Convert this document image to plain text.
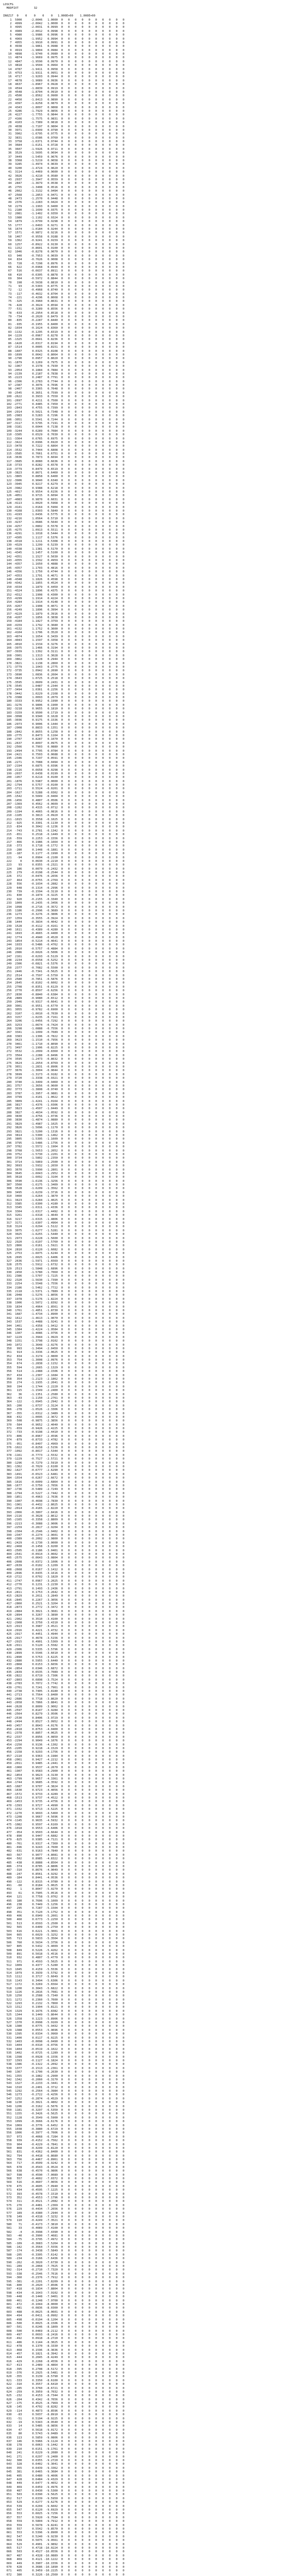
LOSCFG
MODFIXT         32
IN6Z17  0    0    0    0    0   1.000E+00    1.000E+00
1  5000     -2.0046   1.0000  0   0   0   0   0   0   0   0   0   0
2  4999     -2.0042   1.0000  0   0   0   0   0   0   0   0   0   0
3  4995     -2.0031   0.9999  0   0   0   0   0   0   0   0   0   0
4  4989     -2.0012   0.9998  0   0   0   0   0   0   0   0   0   0
5  4980     -1.9986   0.9996  0   0   0   0   0   0   0   0   0   0
6  4969     -1.9952   0.9994  0   0   0   0   0   0   0   0   0   0
7  4955     -1.9910   0.9991  0   0   0   0   0   0   0   0   0   0
8  4938     -1.9861   0.9988  0   0   0   0   0   0   0   0   0   0
9  4919     -1.9804   0.9984  0   0   0   0   0   0   0   0   0   0
10  4898     -1.9740   0.9980  0   0   0   0   0   0   0   0   0   0
11  4874     -1.9669   0.9975  0   0   0   0   0   0   0   0   0   0
12  4847     -1.9590   0.9970  0   0   0   0   0   0   0   0   0   0
13  4818     -1.9504   0.9964  0   0   0   0   0   0   0   0   0   0
14  4787     -1.9411   0.9958  0   0   0   0   0   0   0   0   0   0
15  4753     -1.9311   0.9951  0   0   0   0   0   0   0   0   0   0
16  4717     -1.9203   0.9944  0   0   0   0   0   0   0   0   0   0
17  4678     -1.9089   0.9936  0   0   0   0   0   0   0   0   0   0
18  4637     -1.8967   0.9928  0   0   0   0   0   0   0   0   0   0
19  4594     -1.8839   0.9919  0   0   0   0   0   0   0   0   0   0
20  4548     -1.8704   0.9910  0   0   0   0   0   0   0   0   0   0
21  4500     -1.8562   0.9900  0   0   0   0   0   0   0   0   0   0
22  4450     -1.8413   0.9890  0   0   0   0   0   0   0   0   0   0
23  4397     -1.8258   0.9879  0   0   0   0   0   0   0   0   0   0
24  4343     -1.8097   0.9868  0   0   0   0   0   0   0   0   0   0
25  4286     -1.7929   0.9856  0   0   0   0   0   0   0   0   0   0
26  4227     -1.7755   0.9844  0   0   0   0   0   0   0   0   0   0
27  4166     -1.7575   0.9831  0   0   0   0   0   0   0   0   0   0
28  4103     -1.7389   0.9818  0   0   0   0   0   0   0   0   0   0
29  4038     -1.7197   0.9804  0   0   0   0   0   0   0   0   0   0
30  3971     -1.6999   0.9790  0   0   0   0   0   0   0   0   0   0
31  3902     -1.6795   0.9775  0   0   0   0   0   0   0   0   0   0
32  3831     -1.6586   0.9760  0   0   0   0   0   0   0   0   0   0
33  3758     -1.6371   0.9744  0   0   0   0   0   0   0   0   0   0
34  3684     -1.6151   0.9728  0   0   0   0   0   0   0   0   0   0
35  3607     -1.5926   0.9711  0   0   0   0   0   0   0   0   0   0
36  3529     -1.5695   0.9694  0   0   0   0   0   0   0   0   0   0
37  3449     -1.5459   0.9676  0   0   0   0   0   0   0   0   0   0
38  3368     -1.5219   0.9658  0   0   0   0   0   0   0   0   0   0
39  3285     -1.4974   0.9639  0   0   0   0   0   0   0   0   0   0
40  3200     -1.4724   0.9620  0   0   0   0   0   0   0   0   0   0
41  3114     -1.4469   0.9600  0   0   0   0   0   0   0   0   0   0
42  3026     -1.4210   0.9580  0   0   0   0   0   0   0   0   0   0
43  2937     -1.3947   0.9559  0   0   0   0   0   0   0   0   0   0
44  2847     -1.3679   0.9538  0   0   0   0   0   0   0   0   0   0
45  2755     -1.3408   0.9516  0   0   0   0   0   0   0   0   0   0
46  2662     -1.3132   0.9494  0   0   0   0   0   0   0   0   0   0
47  2568     -1.2853   0.9471  0   0   0   0   0   0   0   0   0   0
48  2473     -1.2570   0.9448  0   0   0   0   0   0   0   0   0   0
49  2376     -1.2283   0.9424  0   0   0   0   0   0   0   0   0   0
50  2279     -1.1993   0.9400  0   0   0   0   0   0   0   0   0   0
51  2180     -1.1699   0.9375  0   0   0   0   0   0   0   0   0   0
52  2081     -1.1402   0.9350  0   0   0   0   0   0   0   0   0   0
53  1980     -1.1102   0.9324  0   0   0   0   0   0   0   0   0   0
54  1879     -1.0799   0.9298  0   0   0   0   0   0   0   0   0   0
55  1777     -1.0493   0.9271  0   0   0   0   0   0   0   0   0   0
56  1674     -1.0184   0.9244  0   0   0   0   0   0   0   0   0   0
57  1571     -0.9872   0.9216  0   0   0   0   0   0   0   0   0   0
58  1467     -0.9558   0.9188  0   0   0   0   0   0   0   0   0   0
59  1362     -0.9241   0.9159  0   0   0   0   0   0   0   0   0   0
60  1257     -0.8922   0.9130  0   0   0   0   0   0   0   0   0   0
61  1152     -0.8601   0.9100  0   0   0   0   0   0   0   0   0   0
62  1046     -0.8278   0.9070  0   0   0   0   0   0   0   0   0   0
63   940     -0.7953   0.9039  0   0   0   0   0   0   0   0   0   0
64   834     -0.7626   0.9008  0   0   0   0   0   0   0   0   0   0
65   728     -0.7298   0.8976  0   0   0   0   0   0   0   0   0   0
66   622     -0.6968   0.8944  0   0   0   0   0   0   0   0   0   0
67   516     -0.6637   0.8911  0   0   0   0   0   0   0   0   0   0
68   410     -0.6305   0.8878  0   0   0   0   0   0   0   0   0   0
69   304     -0.5972   0.8844  0   0   0   0   0   0   0   0   0   0
70   198     -0.5638   0.8810  0   0   0   0   0   0   0   0   0   0
71    93     -0.5303   0.8775  0   0   0   0   0   0   0   0   0   0
72   -12     -0.4968   0.8740  0   0   0   0   0   0   0   0   0   0
73  -117     -0.4632   0.8704  0   0   0   0   0   0   0   0   0   0
74  -221     -0.4296   0.8668  0   0   0   0   0   0   0   0   0   0
75  -325     -0.3960   0.8631  0   0   0   0   0   0   0   0   0   0
76  -428     -0.3624   0.8594  0   0   0   0   0   0   0   0   0   0
77  -531     -0.3289   0.8556  0   0   0   0   0   0   0   0   0   0
78  -633     -0.2954   0.8518  0   0   0   0   0   0   0   0   0   0
79  -734     -0.2620   0.8479  0   0   0   0   0   0   0   0   0   0
80  -835     -0.2287   0.8440  0   0   0   0   0   0   0   0   0   0
81  -935     -0.1955   0.8400  0   0   0   0   0   0   0   0   0   0
82 -1034     -0.1624   0.8360  0   0   0   0   0   0   0   0   0   0
83 -1132     -0.1295   0.8319  0   0   0   0   0   0   0   0   0   0
84 -1229     -0.0967   0.8278  0   0   0   0   0   0   0   0   0   0
85 -1325     -0.0641   0.8236  0   0   0   0   0   0   0   0   0   0
86 -1420     -0.0317   0.8194  0   0   0   0   0   0   0   0   0   0
87 -1514      0.0005   0.8151  0   0   0   0   0   0   0   0   0   0
88 -1607      0.0325   0.8108  0   0   0   0   0   0   0   0   0   0
89 -1699      0.0642   0.8064  0   0   0   0   0   0   0   0   0   0
90 -1790      0.0957   0.8020  0   0   0   0   0   0   0   0   0   0
91 -1879      0.1269   0.7975  0   0   0   0   0   0   0   0   0   0
92 -1967      0.1578   0.7930  0   0   0   0   0   0   0   0   0   0
93 -2054      0.1884   0.7884  0   0   0   0   0   0   0   0   0   0
94 -2139      0.2187   0.7838  0   0   0   0   0   0   0   0   0   0
95 -2223      0.2487   0.7791  0   0   0   0   0   0   0   0   0   0
96 -2306      0.2783   0.7744  0   0   0   0   0   0   0   0   0   0
97 -2387      0.3076   0.7696  0   0   0   0   0   0   0   0   0   0
98 -2467      0.3365   0.7648  0   0   0   0   0   0   0   0   0   0
99 -2545      0.3651   0.7599  0   0   0   0   0   0   0   0   0   0
100 -2622      0.3933   0.7550  0   0   0   0   0   0   0   0   0   0
101 -2697      0.4211   0.7500  0   0   0   0   0   0   0   0   0   0
102 -2771      0.4485   0.7450  0   0   0   0   0   0   0   0   0   0
103 -2843      0.4755   0.7399  0   0   0   0   0   0   0   0   0   0
104 -2914      0.5021   0.7348  0   0   0   0   0   0   0   0   0   0
105 -2983      0.5283   0.7296  0   0   0   0   0   0   0   0   0   0
106 -3051      0.5541   0.7244  0   0   0   0   0   0   0   0   0   0
107 -3117      0.5795   0.7191  0   0   0   0   0   0   0   0   0   0
108 -3181      0.6044   0.7138  0   0   0   0   0   0   0   0   0   0
109 -3244      0.6289   0.7084  0   0   0   0   0   0   0   0   0   0
110 -3305      0.6529   0.7030  0   0   0   0   0   0   0   0   0   0
111 -3364      0.6765   0.6975  0   0   0   0   0   0   0   0   0   0
112 -3422      0.6996   0.6920  0   0   0   0   0   0   0   0   0   0
113 -3478      0.7222   0.6864  0   0   0   0   0   0   0   0   0   0
114 -3532      0.7444   0.6808  0   0   0   0   0   0   0   0   0   0
115 -3585      0.7661   0.6751  0   0   0   0   0   0   0   0   0   0
116 -3636      0.7873   0.6694  0   0   0   0   0   0   0   0   0   0
117 -3685      0.8080   0.6636  0   0   0   0   0   0   0   0   0   0
118 -3733      0.8282   0.6578  0   0   0   0   0   0   0   0   0   0
119 -3779      0.8479   0.6519  0   0   0   0   0   0   0   0   0   0
120 -3823      0.8671   0.6460  0   0   0   0   0   0   0   0   0   0
121 -3865      0.8858   0.6400  0   0   0   0   0   0   0   0   0   0
122 -3906      0.9040   0.6340  0   0   0   0   0   0   0   0   0   0
123 -3945      0.9217   0.6279  0   0   0   0   0   0   0   0   0   0
124 -3982      0.9388   0.6218  0   0   0   0   0   0   0   0   0   0
125 -4017      0.9554   0.6156  0   0   0   0   0   0   0   0   0   0
126 -4051      0.9715   0.6094  0   0   0   0   0   0   0   0   0   0
127 -4083      0.9870   0.6031  0   0   0   0   0   0   0   0   0   0
128 -4113      1.0020   0.5968  0   0   0   0   0   0   0   0   0   0
129 -4141      1.0164   0.5904  0   0   0   0   0   0   0   0   0   0
130 -4168      1.0303   0.5840  0   0   0   0   0   0   0   0   0   0
131 -4193      1.0436   0.5775  0   0   0   0   0   0   0   0   0   0
132 -4216      1.0564   0.5710  0   0   0   0   0   0   0   0   0   0
133 -4237      1.0686   0.5644  0   0   0   0   0   0   0   0   0   0
134 -4257      1.0802   0.5578  0   0   0   0   0   0   0   0   0   0
135 -4275      1.0913   0.5511  0   0   0   0   0   0   0   0   0   0
136 -4291      1.1018   0.5444  0   0   0   0   0   0   0   0   0   0
137 -4305      1.1117   0.5376  0   0   0   0   0   0   0   0   0   0
138 -4318      1.1211   0.5308  0   0   0   0   0   0   0   0   0   0
139 -4329      1.1299   0.5239  0   0   0   0   0   0   0   0   0   0
140 -4338      1.1381   0.5170  0   0   0   0   0   0   0   0   0   0
141 -4345      1.1457   0.5100  0   0   0   0   0   0   0   0   0   0
142 -4351      1.1527   0.5030  0   0   0   0   0   0   0   0   0   0
143 -4355      1.1592   0.4959  0   0   0   0   0   0   0   0   0   0
144 -4357      1.1650   0.4888  0   0   0   0   0   0   0   0   0   0
145 -4357      1.1703   0.4816  0   0   0   0   0   0   0   0   0   0
146 -4356      1.1750   0.4744  0   0   0   0   0   0   0   0   0   0
147 -4353      1.1791   0.4671  0   0   0   0   0   0   0   0   0   0
148 -4348      1.1826   0.4598  0   0   0   0   0   0   0   0   0   0
149 -4342      1.1855   0.4524  0   0   0   0   0   0   0   0   0   0
150 -4334      1.1879   0.4450  0   0   0   0   0   0   0   0   0   0
151 -4324      1.1896   0.4375  0   0   0   0   0   0   0   0   0   0
152 -4312      1.1908   0.4300  0   0   0   0   0   0   0   0   0   0
153 -4299      1.1914   0.4224  0   0   0   0   0   0   0   0   0   0
154 -4284      1.1914   0.4148  0   0   0   0   0   0   0   0   0   0
155 -4267      1.1908   0.4071  0   0   0   0   0   0   0   0   0   0
156 -4249      1.1896   0.3994  0   0   0   0   0   0   0   0   0   0
157 -4229      1.1879   0.3916  0   0   0   0   0   0   0   0   0   0
158 -4207      1.1856   0.3838  0   0   0   0   0   0   0   0   0   0
159 -4184      1.1827   0.3759  0   0   0   0   0   0   0   0   0   0
160 -4159      1.1792   0.3680  0   0   0   0   0   0   0   0   0   0
161 -4132      1.1752   0.3600  0   0   0   0   0   0   0   0   0   0
162 -4104      1.1706   0.3520  0   0   0   0   0   0   0   0   0   0
163 -4074      1.1654   0.3439  0   0   0   0   0   0   0   0   0   0
164 -4043      1.1597   0.3358  0   0   0   0   0   0   0   0   0   0
165 -4010      1.1534   0.3276  0   0   0   0   0   0   0   0   0   0
166 -3975      1.1466   0.3194  0   0   0   0   0   0   0   0   0   0
167 -3939      1.1392   0.3111  0   0   0   0   0   0   0   0   0   0
168 -3901      1.1313   0.3028  0   0   0   0   0   0   0   0   0   0
169 -3862      1.1228   0.2944  0   0   0   0   0   0   0   0   0   0
170 -3821      1.1138   0.2860  0   0   0   0   0   0   0   0   0   0
171 -3779      1.1043   0.2775  0   0   0   0   0   0   0   0   0   0
172 -3735      1.0942   0.2690  0   0   0   0   0   0   0   0   0   0
173 -3690      1.0836   0.2604  0   0   0   0   0   0   0   0   0   0
174 -3643      1.0725   0.2518  0   0   0   0   0   0   0   0   0   0
175 -3595      1.0609   0.2431  0   0   0   0   0   0   0   0   0   0
176 -3545      1.0487   0.2344  0   0   0   0   0   0   0   0   0   0
177 -3494      1.0361   0.2256  0   0   0   0   0   0   0   0   0   0
178 -3442      1.0229   0.2168  0   0   0   0   0   0   0   0   0   0
179 -3388      1.0093   0.2079  0   0   0   0   0   0   0   0   0   0
180 -3333      0.9952   0.1990  0   0   0   0   0   0   0   0   0   0
181 -3276      0.9806   0.1900  0   0   0   0   0   0   0   0   0   0
182 -3218      0.9655   0.1810  0   0   0   0   0   0   0   0   0   0
183 -3159      0.9500   0.1719  0   0   0   0   0   0   0   0   0   0
184 -3098      0.9340   0.1628  0   0   0   0   0   0   0   0   0   0
185 -3036      0.9175   0.1536  0   0   0   0   0   0   0   0   0   0
186 -2973      0.9006   0.1444  0   0   0   0   0   0   0   0   0   0
187 -2908      0.8833   0.1351  0   0   0   0   0   0   0   0   0   0
188 -2842      0.8655   0.1258  0   0   0   0   0   0   0   0   0   0
189 -2775      0.8473   0.1164  0   0   0   0   0   0   0   0   0   0
190 -2707      0.8287   0.1070  0   0   0   0   0   0   0   0   0   0
191 -2637      0.8097   0.0975  0   0   0   0   0   0   0   0   0   0
192 -2566      0.7903   0.0880  0   0   0   0   0   0   0   0   0   0
193 -2494      0.7705   0.0784  0   0   0   0   0   0   0   0   0   0
194 -2421      0.7503   0.0688  0   0   0   0   0   0   0   0   0   0
195 -2346      0.7297   0.0591  0   0   0   0   0   0   0   0   0   0
196 -2271      0.7088   0.0494  0   0   0   0   0   0   0   0   0   0
197 -2194      0.6875   0.0396  0   0   0   0   0   0   0   0   0   0
198 -2116      0.6658   0.0298  0   0   0   0   0   0   0   0   0   0
199 -2037      0.6438   0.0199  0   0   0   0   0   0   0   0   0   0
200 -1957      0.6214   0.0100  0   0   0   0   0   0   0   0   0   0
201 -1876      0.5987   0.0000  0   0   0   0   0   0   0   0   0   0
202 -1794      0.5757  -0.0100  0   0   0   0   0   0   0   0   0   0
203 -1711      0.5524  -0.0201  0   0   0   0   0   0   0   0   0   0
204 -1627      0.5288  -0.0302  0   0   0   0   0   0   0   0   0   0
205 -1542      0.5049  -0.0404  0   0   0   0   0   0   0   0   0   0
206 -1456      0.4807  -0.0506  0   0   0   0   0   0   0   0   0   0
207 -1369      0.4562  -0.0609  0   0   0   0   0   0   0   0   0   0
208 -1282      0.4315  -0.0712  0   0   0   0   0   0   0   0   0   0
209 -1194      0.4065  -0.0816  0   0   0   0   0   0   0   0   0   0
210 -1105      0.3813  -0.0920  0   0   0   0   0   0   0   0   0   0
211 -1015      0.3558  -0.1025  0   0   0   0   0   0   0   0   0   0
212  -925      0.3301  -0.1130  0   0   0   0   0   0   0   0   0   0
213  -834      0.3042  -0.1236  0   0   0   0   0   0   0   0   0   0
214  -743      0.2781  -0.1342  0   0   0   0   0   0   0   0   0   0
215  -651      0.2518  -0.1449  0   0   0   0   0   0   0   0   0   0
216  -559      0.2253  -0.1556  0   0   0   0   0   0   0   0   0   0
217  -466      0.1986  -0.1664  0   0   0   0   0   0   0   0   0   0
218  -373      0.1718  -0.1772  0   0   0   0   0   0   0   0   0   0
219  -280      0.1448  -0.1881  0   0   0   0   0   0   0   0   0   0
220  -187      0.1177  -0.1990  0   0   0   0   0   0   0   0   0   0
221   -94      0.0904  -0.2100  0   0   0   0   0   0   0   0   0   0
222     0      0.0630  -0.2210  0   0   0   0   0   0   0   0   0   0
223    93      0.0355  -0.2321  0   0   0   0   0   0   0   0   0   0
224   186      0.0079  -0.2432  0   0   0   0   0   0   0   0   0   0
225   279     -0.0198  -0.2544  0   0   0   0   0   0   0   0   0   0
226   372     -0.0476  -0.2656  0   0   0   0   0   0   0   0   0   0
227   464     -0.0755  -0.2769  0   0   0   0   0   0   0   0   0   0
228   556     -0.1034  -0.2882  0   0   0   0   0   0   0   0   0   0
229   648     -0.1314  -0.2996  0   0   0   0   0   0   0   0   0   0
230   739     -0.1594  -0.3110  0   0   0   0   0   0   0   0   0   0
231   830     -0.1874  -0.3225  0   0   0   0   0   0   0   0   0   0
232   920     -0.2155  -0.3340  0   0   0   0   0   0   0   0   0   0
233  1009     -0.2435  -0.3456  0   0   0   0   0   0   0   0   0   0
234  1098     -0.2716  -0.3572  0   0   0   0   0   0   0   0   0   0
235  1186     -0.2996  -0.3689  0   0   0   0   0   0   0   0   0   0
236  1273     -0.3276  -0.3806  0   0   0   0   0   0   0   0   0   0
237  1359     -0.3555  -0.3924  0   0   0   0   0   0   0   0   0   0
238  1444     -0.3834  -0.4042  0   0   0   0   0   0   0   0   0   0
239  1528     -0.4112  -0.4161  0   0   0   0   0   0   0   0   0   0
240  1611     -0.4389  -0.4280  0   0   0   0   0   0   0   0   0   0
241  1693     -0.4665  -0.4400  0   0   0   0   0   0   0   0   0   0
242  1774     -0.4940  -0.4520  0   0   0   0   0   0   0   0   0   0
243  1854     -0.5214  -0.4641  0   0   0   0   0   0   0   0   0   0
244  1933     -0.5486  -0.4762  0   0   0   0   0   0   0   0   0   0
245  2010     -0.5757  -0.4884  0   0   0   0   0   0   0   0   0   0
246  2086     -0.6026  -0.5006  0   0   0   0   0   0   0   0   0   0
247  2161     -0.6293  -0.5129  0   0   0   0   0   0   0   0   0   0
248  2234     -0.6558  -0.5252  0   0   0   0   0   0   0   0   0   0
249  2306     -0.6821  -0.5376  0   0   0   0   0   0   0   0   0   0
250  2377     -0.7082  -0.5500  0   0   0   0   0   0   0   0   0   0
251  2446     -0.7341  -0.5625  0   0   0   0   0   0   0   0   0   0
252  2514     -0.7597  -0.5750  0   0   0   0   0   0   0   0   0   0
253  2580     -0.7851  -0.5876  0   0   0   0   0   0   0   0   0   0
254  2645     -0.8102  -0.6002  0   0   0   0   0   0   0   0   0   0
255  2708     -0.8351  -0.6129  0   0   0   0   0   0   0   0   0   0
256  2770     -0.8597  -0.6256  0   0   0   0   0   0   0   0   0   0
257  2830     -0.8840  -0.6384  0   0   0   0   0   0   0   0   0   0
258  2889     -0.9080  -0.6512  0   0   0   0   0   0   0   0   0   0
259  2946     -0.9317  -0.6641  0   0   0   0   0   0   0   0   0   0
260  3001     -0.9551  -0.6770  0   0   0   0   0   0   0   0   0   0
261  3055     -0.9782  -0.6900  0   0   0   0   0   0   0   0   0   0
262  3107     -1.0010  -0.7030  0   0   0   0   0   0   0   0   0   0
263  3157     -1.0235  -0.7161  0   0   0   0   0   0   0   0   0   0
264  3206     -1.0456  -0.7292  0   0   0   0   0   0   0   0   0   0
265  3253     -1.0674  -0.7424  0   0   0   0   0   0   0   0   0   0
266  3298     -1.0888  -0.7556  0   0   0   0   0   0   0   0   0   0
267  3341     -1.1099  -0.7689  0   0   0   0   0   0   0   0   0   0
268  3383     -1.1306  -0.7822  0   0   0   0   0   0   0   0   0   0
269  3423     -1.1510  -0.7956  0   0   0   0   0   0   0   0   0   0
270  3461     -1.1710  -0.8090  0   0   0   0   0   0   0   0   0   0
271  3497     -1.1906  -0.8225  0   0   0   0   0   0   0   0   0   0
272  3532     -1.2099  -0.8360  0   0   0   0   0   0   0   0   0   0
273  3564     -1.2288  -0.8496  0   0   0   0   0   0   0   0   0   0
274  3595     -1.2473  -0.8632  0   0   0   0   0   0   0   0   0   0
275  3624     -1.2654  -0.8769  0   0   0   0   0   0   0   0   0   0
276  3651     -1.2831  -0.8906  0   0   0   0   0   0   0   0   0   0
277  3676     -1.3004  -0.9044  0   0   0   0   0   0   0   0   0   0
278  3699     -1.3173  -0.9182  0   0   0   0   0   0   0   0   0   0
279  3720     -1.3338  -0.9321  0   0   0   0   0   0   0   0   0   0
280  3740     -1.3499  -0.9460  0   0   0   0   0   0   0   0   0   0
281  3757     -1.3656  -0.9600  0   0   0   0   0   0   0   0   0   0
282  3773     -1.3808  -0.9740  0   0   0   0   0   0   0   0   0   0
283  3787     -1.3957  -0.9881  0   0   0   0   0   0   0   0   0   0
284  3799     -1.4101  -1.0022  0   0   0   0   0   0   0   0   0   0
285  3809     -1.4241  -1.0164  0   0   0   0   0   0   0   0   0   0
286  3817     -1.4376  -1.0306  0   0   0   0   0   0   0   0   0   0
287  3823     -1.4507  -1.0449  0   0   0   0   0   0   0   0   0   0
288  3827     -1.4634  -1.0592  0   0   0   0   0   0   0   0   0   0
289  3830     -1.4756  -1.0736  0   0   0   0   0   0   0   0   0   0
290  3830     -1.4874  -1.0880  0   0   0   0   0   0   0   0   0   0
291  3829     -1.4987  -1.1025  0   0   0   0   0   0   0   0   0   0
292  3826     -1.5096  -1.1170  0   0   0   0   0   0   0   0   0   0
293  3821     -1.5200  -1.1316  0   0   0   0   0   0   0   0   0   0
294  3814     -1.5300  -1.1462  0   0   0   0   0   0   0   0   0   0
295  3805     -1.5395  -1.1609  0   0   0   0   0   0   0   0   0   0
296  3795     -1.5486  -1.1756  0   0   0   0   0   0   0   0   0   0
297  3782     -1.5572  -1.1904  0   0   0   0   0   0   0   0   0   0
298  3768     -1.5653  -1.2052  0   0   0   0   0   0   0   0   0   0
299  3752     -1.5730  -1.2201  0   0   0   0   0   0   0   0   0   0
300  3734     -1.5802  -1.2350  0   0   0   0   0   0   0   0   0   0
301  3714     -1.5869  -1.2500  0   0   0   0   0   0   0   0   0   0
302  3693     -1.5932  -1.2650  0   0   0   0   0   0   0   0   0   0
303  3670     -1.5990  -1.2801  0   0   0   0   0   0   0   0   0   0
304  3645     -1.6043  -1.2952  0   0   0   0   0   0   0   0   0   0
305  3618     -1.6092  -1.3104  0   0   0   0   0   0   0   0   0   0
306  3590     -1.6136  -1.3256  0   0   0   0   0   0   0   0   0   0
307  3560     -1.6175  -1.3409  0   0   0   0   0   0   0   0   0   0
308  3528     -1.6209  -1.3562  0   0   0   0   0   0   0   0   0   0
309  3495     -1.6239  -1.3716  0   0   0   0   0   0   0   0   0   0
310  3460     -1.6264  -1.3870  0   0   0   0   0   0   0   0   0   0
311  3423     -1.6284  -1.4025  0   0   0   0   0   0   0   0   0   0
312  3385     -1.6300  -1.4180  0   0   0   0   0   0   0   0   0   0
313  3345     -1.6311  -1.4336  0   0   0   0   0   0   0   0   0   0
314  3304     -1.6317  -1.4492  0   0   0   0   0   0   0   0   0   0
315  3261     -1.6318  -1.4649  0   0   0   0   0   0   0   0   0   0
316  3217     -1.6315  -1.4806  0   0   0   0   0   0   0   0   0   0
317  3171     -1.6307  -1.4964  0   0   0   0   0   0   0   0   0   0
318  3124     -1.6294  -1.5122  0   0   0   0   0   0   0   0   0   0
319  3075     -1.6277  -1.5281  0   0   0   0   0   0   0   0   0   0
320  3025     -1.6255  -1.5440  0   0   0   0   0   0   0   0   0   0
321  2973     -1.6228  -1.5600  0   0   0   0   0   0   0   0   0   0
322  2920     -1.6197  -1.5760  0   0   0   0   0   0   0   0   0   0
323  2866     -1.6161  -1.5921  0   0   0   0   0   0   0   0   0   0
324  2810     -1.6120  -1.6082  0   0   0   0   0   0   0   0   0   0
325  2753     -1.6075  -1.6244  0   0   0   0   0   0   0   0   0   0
326  2695     -1.6025  -1.6406  0   0   0   0   0   0   0   0   0   0
327  2636     -1.5971  -1.6569  0   0   0   0   0   0   0   0   0   0
328  2575     -1.5912  -1.6732  0   0   0   0   0   0   0   0   0   0
329  2513     -1.5848  -1.6896  0   0   0   0   0   0   0   0   0   0
330  2450     -1.5780  -1.7060  0   0   0   0   0   0   0   0   0   0
331  2386     -1.5707  -1.7225  0   0   0   0   0   0   0   0   0   0
332  2320     -1.5630  -1.7390  0   0   0   0   0   0   0   0   0   0
333  2254     -1.5548  -1.7556  0   0   0   0   0   0   0   0   0   0
334  2186     -1.5462  -1.7722  0   0   0   0   0   0   0   0   0   0
335  2118     -1.5371  -1.7889  0   0   0   0   0   0   0   0   0   0
336  2048     -1.5276  -1.8056  0   0   0   0   0   0   0   0   0   0
337  1978     -1.5176  -1.8224  0   0   0   0   0   0   0   0   0   0
338  1906     -1.5072  -1.8392  0   0   0   0   0   0   0   0   0   0
339  1834     -1.4964  -1.8561  0   0   0   0   0   0   0   0   0   0
340  1761     -1.4851  -1.8730  0   0   0   0   0   0   0   0   0   0
341  1687     -1.4734  -1.8900  0   0   0   0   0   0   0   0   0   0
342  1612     -1.4613  -1.9070  0   0   0   0   0   0   0   0   0   0
343  1537     -1.4488  -1.9241  0   0   0   0   0   0   0   0   0   0
344  1461     -1.4358  -1.9412  0   0   0   0   0   0   0   0   0   0
345  1384     -1.4224  -1.9584  0   0   0   0   0   0   0   0   0   0
346  1307     -1.4086  -1.9756  0   0   0   0   0   0   0   0   0   0
347  1229     -1.3944  -1.9929  0   0   0   0   0   0   0   0   0   0
348  1151     -1.3798  -2.0102  0   0   0   0   0   0   0   0   0   0
349  1072     -1.3648  -2.0276  0   0   0   0   0   0   0   0   0   0
350   993     -1.3494  -2.0450  0   0   0   0   0   0   0   0   0   0
351   914     -1.3336  -2.0625  0   0   0   0   0   0   0   0   0   0
352   834     -1.3174  -2.0800  0   0   0   0   0   0   0   0   0   0
353   754     -1.3008  -2.0976  0   0   0   0   0   0   0   0   0   0
354   674     -1.2838  -2.1152  0   0   0   0   0   0   0   0   0   0
355   594     -1.2665  -2.1329  0   0   0   0   0   0   0   0   0   0
356   514     -1.2488  -2.1506  0   0   0   0   0   0   0   0   0   0
357   434     -1.2307  -2.1684  0   0   0   0   0   0   0   0   0   0
358   354     -1.2123  -2.1862  0   0   0   0   0   0   0   0   0   0
359   274     -1.1935  -2.2041  0   0   0   0   0   0   0   0   0   0
360   194     -1.1744  -2.2220  0   0   0   0   0   0   0   0   0   0
361   115     -1.1549  -2.2400  0   0   0   0   0   0   0   0   0   0
362    36     -1.1351  -2.2580  0   0   0   0   0   0   0   0   0   0
363   -43     -1.1150  -2.2761  0   0   0   0   0   0   0   0   0   0
364  -122     -1.0945  -2.2942  0   0   0   0   0   0   0   0   0   0
365  -200     -1.0737  -2.3124  0   0   0   0   0   0   0   0   0   0
366  -278     -1.0526  -2.3306  0   0   0   0   0   0   0   0   0   0
367  -355     -1.0312  -2.3489  0   0   0   0   0   0   0   0   0   0
368  -432     -1.0095  -2.3672  0   0   0   0   0   0   0   0   0   0
369  -508     -0.9875  -2.3856  0   0   0   0   0   0   0   0   0   0
370  -584     -0.9652  -2.4040  0   0   0   0   0   0   0   0   0   0
371  -659     -0.9426  -2.4225  0   0   0   0   0   0   0   0   0   0
372  -733     -0.9198  -2.4410  0   0   0   0   0   0   0   0   0   0
373  -806     -0.8967  -2.4596  0   0   0   0   0   0   0   0   0   0
374  -879     -0.8733  -2.4782  0   0   0   0   0   0   0   0   0   0
375  -951     -0.8497  -2.4969  0   0   0   0   0   0   0   0   0   0
376 -1022     -0.8258  -2.5156  0   0   0   0   0   0   0   0   0   0
377 -1092     -0.8017  -2.5344  0   0   0   0   0   0   0   0   0   0
378 -1161     -0.7773  -2.5532  0   0   0   0   0   0   0   0   0   0
379 -1229     -0.7527  -2.5721  0   0   0   0   0   0   0   0   0   0
380 -1296     -0.7279  -2.5910  0   0   0   0   0   0   0   0   0   0
381 -1362     -0.7029  -2.6100  0   0   0   0   0   0   0   0   0   0
382 -1427     -0.6777  -2.6290  0   0   0   0   0   0   0   0   0   0
383 -1491     -0.6523  -2.6481  0   0   0   0   0   0   0   0   0   0
384 -1554     -0.6267  -2.6672  0   0   0   0   0   0   0   0   0   0
385 -1616     -0.6009  -2.6864  0   0   0   0   0   0   0   0   0   0
386 -1677     -0.5750  -2.7056  0   0   0   0   0   0   0   0   0   0
387 -1736     -0.5489  -2.7249  0   0   0   0   0   0   0   0   0   0
388 -1794     -0.5227  -2.7442  0   0   0   0   0   0   0   0   0   0
389 -1851     -0.4963  -2.7636  0   0   0   0   0   0   0   0   0   0
390 -1907     -0.4698  -2.7830  0   0   0   0   0   0   0   0   0   0
391 -1961     -0.4432  -2.8025  0   0   0   0   0   0   0   0   0   0
392 -2014     -0.4165  -2.8220  0   0   0   0   0   0   0   0   0   0
393 -2066     -0.3897  -2.8416  0   0   0   0   0   0   0   0   0   0
394 -2116     -0.3628  -2.8612  0   0   0   0   0   0   0   0   0   0
395 -2165     -0.3358  -2.8809  0   0   0   0   0   0   0   0   0   0
396 -2213     -0.3088  -2.9006  0   0   0   0   0   0   0   0   0   0
397 -2259     -0.2817  -2.9204  0   0   0   0   0   0   0   0   0   0
398 -2304     -0.2546  -2.9402  0   0   0   0   0   0   0   0   0   0
399 -2347     -0.2274  -2.9601  0   0   0   0   0   0   0   0   0   0
400 -2389     -0.2002  -2.9800  0   0   0   0   0   0   0   0   0   0
401 -2429     -0.1730  -3.0000  0   0   0   0   0   0   0   0   0   0
402 -2468     -0.1458  -3.0200  0   0   0   0   0   0   0   0   0   0
403 -2505     -0.1186  -3.0401  0   0   0   0   0   0   0   0   0   0
404 -2541     -0.0914  -3.0602  0   0   0   0   0   0   0   0   0   0
405 -2575     -0.0643  -3.0804  0   0   0   0   0   0   0   0   0   0
406 -2608     -0.0372  -3.1006  0   0   0   0   0   0   0   0   0   0
407 -2639     -0.0102  -3.1209  0   0   0   0   0   0   0   0   0   0
408 -2668      0.0167  -3.1412  0   0   0   0   0   0   0   0   0   0
409 -2696      0.0435  -3.1616  0   0   0   0   0   0   0   0   0   0
410 -2722      0.0702  -3.1820  0   0   0   0   0   0   0   0   0   0
411 -2747      0.0967  -3.2025  0   0   0   0   0   0   0   0   0   0
412 -2770      0.1231  -3.2230  0   0   0   0   0   0   0   0   0   0
413 -2791      0.1493  -3.2436  0   0   0   0   0   0   0   0   0   0
414 -2811      0.1753  -3.2642  0   0   0   0   0   0   0   0   0   0
415 -2829      0.2011  -3.2849  0   0   0   0   0   0   0   0   0   0
416 -2845      0.2267  -3.3056  0   0   0   0   0   0   0   0   0   0
417 -2860      0.2521  -3.3264  0   0   0   0   0   0   0   0   0   0
418 -2873      0.2772  -3.3472  0   0   0   0   0   0   0   0   0   0
419 -2884      0.3021  -3.3681  0   0   0   0   0   0   0   0   0   0
420 -2894      0.3267  -3.3890  0   0   0   0   0   0   0   0   0   0
421 -2902      0.3510  -3.4100  0   0   0   0   0   0   0   0   0   0
422 -2908      0.3750  -3.4310  0   0   0   0   0   0   0   0   0   0
423 -2913      0.3987  -3.4521  0   0   0   0   0   0   0   0   0   0
424 -2916      0.4221  -3.4732  0   0   0   0   0   0   0   0   0   0
425 -2917      0.4451  -3.4944  0   0   0   0   0   0   0   0   0   0
426 -2917      0.4678  -3.5156  0   0   0   0   0   0   0   0   0   0
427 -2915      0.4901  -3.5369  0   0   0   0   0   0   0   0   0   0
428 -2911      0.5120  -3.5582  0   0   0   0   0   0   0   0   0   0
429 -2906      0.5335  -3.5796  0   0   0   0   0   0   0   0   0   0
430 -2899      0.5546  -3.6010  0   0   0   0   0   0   0   0   0   0
431 -2890      0.5753  -3.6225  0   0   0   0   0   0   0   0   0   0
432 -2880      0.5955  -3.6440  0   0   0   0   0   0   0   0   0   0
433 -2868      0.6153  -3.6656  0   0   0   0   0   0   0   0   0   0
434 -2854      0.6346  -3.6872  0   0   0   0   0   0   0   0   0   0
435 -2839      0.6535  -3.7089  0   0   0   0   0   0   0   0   0   0
436 -2822      0.6719  -3.7306  0   0   0   0   0   0   0   0   0   0
437 -2803      0.6898  -3.7524  0   0   0   0   0   0   0   0   0   0
438 -2783      0.7072  -3.7742  0   0   0   0   0   0   0   0   0   0
439 -2761      0.7241  -3.7961  0   0   0   0   0   0   0   0   0   0
440 -2738      0.7405  -3.8180  0   0   0   0   0   0   0   0   0   0
441 -2713      0.7564  -3.8400  0   0   0   0   0   0   0   0   0   0
442 -2686      0.7718  -3.8620  0   0   0   0   0   0   0   0   0   0
443 -2658      0.7866  -3.8841  0   0   0   0   0   0   0   0   0   0
444 -2628      0.8009  -3.9062  0   0   0   0   0   0   0   0   0   0
445 -2597      0.8147  -3.9284  0   0   0   0   0   0   0   0   0   0
446 -2564      0.8279  -3.9506  0   0   0   0   0   0   0   0   0   0
447 -2530      0.8406  -3.9729  0   0   0   0   0   0   0   0   0   0
448 -2494      0.8527  -3.9952  0   0   0   0   0   0   0   0   0   0
449 -2457      0.8643  -4.0176  0   0   0   0   0   0   0   0   0   0
450 -2418      0.8753  -4.0400  0   0   0   0   0   0   0   0   0   0
451 -2378      0.8857  -4.0625  0   0   0   0   0   0   0   0   0   0
452 -2337      0.8956  -4.0850  0   0   0   0   0   0   0   0   0   0
453 -2294      0.9049  -4.1076  0   0   0   0   0   0   0   0   0   0
454 -2250      0.9136  -4.1302  0   0   0   0   0   0   0   0   0   0
455 -2205      0.9218  -4.1529  0   0   0   0   0   0   0   0   0   0
456 -2158      0.9293  -4.1756  0   0   0   0   0   0   0   0   0   0
457 -2110      0.9363  -4.1984  0   0   0   0   0   0   0   0   0   0
458 -2061      0.9427  -4.2212  0   0   0   0   0   0   0   0   0   0
459 -2011      0.9485  -4.2441  0   0   0   0   0   0   0   0   0   0
460 -1960      0.9537  -4.2670  0   0   0   0   0   0   0   0   0   0
461 -1907      0.9583  -4.2900  0   0   0   0   0   0   0   0   0   0
462 -1854      0.9623  -4.3130  0   0   0   0   0   0   0   0   0   0
463 -1799      0.9657  -4.3361  0   0   0   0   0   0   0   0   0   0
464 -1744      0.9685  -4.3592  0   0   0   0   0   0   0   0   0   0
465 -1687      0.9707  -4.3824  0   0   0   0   0   0   0   0   0   0
466 -1630      0.9723  -4.4056  0   0   0   0   0   0   0   0   0   0
467 -1572      0.9733  -4.4289  0   0   0   0   0   0   0   0   0   0
468 -1513      0.9737  -4.4522  0   0   0   0   0   0   0   0   0   0
469 -1453      0.9735  -4.4756  0   0   0   0   0   0   0   0   0   0
470 -1393      0.9727  -4.4990  0   0   0   0   0   0   0   0   0   0
471 -1332      0.9713  -4.5225  0   0   0   0   0   0   0   0   0   0
472 -1270      0.9693  -4.5460  0   0   0   0   0   0   0   0   0   0
473 -1208      0.9667  -4.5696  0   0   0   0   0   0   0   0   0   0
474 -1145      0.9635  -4.5932  0   0   0   0   0   0   0   0   0   0
475 -1082      0.9597  -4.6169  0   0   0   0   0   0   0   0   0   0
476 -1018      0.9553  -4.6406  0   0   0   0   0   0   0   0   0   0
477  -954      0.9503  -4.6644  0   0   0   0   0   0   0   0   0   0
478  -890      0.9447  -4.6882  0   0   0   0   0   0   0   0   0   0
479  -825      0.9385  -4.7121  0   0   0   0   0   0   0   0   0   0
480  -761      0.9317  -4.7360  0   0   0   0   0   0   0   0   0   0
481  -696      0.9243  -4.7600  0   0   0   0   0   0   0   0   0   0
482  -631      0.9163  -4.7840  0   0   0   0   0   0   0   0   0   0
483  -567      0.9077  -4.8081  0   0   0   0   0   0   0   0   0   0
484  -502      0.8985  -4.8322  0   0   0   0   0   0   0   0   0   0
485  -438      0.8888  -4.8564  0   0   0   0   0   0   0   0   0   0
486  -374      0.8785  -4.8806  0   0   0   0   0   0   0   0   0   0
487  -310      0.8676  -4.9049  0   0   0   0   0   0   0   0   0   0
488  -247      0.8561  -4.9292  0   0   0   0   0   0   0   0   0   0
489  -184      0.8441  -4.9536  0   0   0   0   0   0   0   0   0   0
490  -122      0.8315  -4.9780  0   0   0   0   0   0   0   0   0   0
491   -60      0.8184  -5.0025  0   0   0   0   0   0   0   0   0   0
492     1      0.8047  -5.0270  0   0   0   0   0   0   0   0   0   0
493    61      0.7905  -5.0516  0   0   0   0   0   0   0   0   0   0
494   121      0.7758  -5.0762  0   0   0   0   0   0   0   0   0   0
495   180      0.7606  -5.1009  0   0   0   0   0   0   0   0   0   0
496   238      0.7449  -5.1256  0   0   0   0   0   0   0   0   0   0
497   295      0.7287  -5.1504  0   0   0   0   0   0   0   0   0   0
498   351      0.7120  -5.1752  0   0   0   0   0   0   0   0   0   0
499   406      0.6949  -5.2001  0   0   0   0   0   0   0   0   0   0
500   460      0.6773  -5.2250  0   0   0   0   0   0   0   0   0   0
501   513      0.6593  -5.2500  0   0   0   0   0   0   0   0   0   0
502   565      0.6409  -5.2750  0   0   0   0   0   0   0   0   0   0
503   616      0.6221  -5.3001  0   0   0   0   0   0   0   0   0   0
504   665      0.6029  -5.3252  0   0   0   0   0   0   0   0   0   0
505   713      0.5833  -5.3504  0   0   0   0   0   0   0   0   0   0
506   760      0.5634  -5.3756  0   0   0   0   0   0   0   0   0   0
507   805      0.5432  -5.4009  0   0   0   0   0   0   0   0   0   0
508   849      0.5226  -5.4262  0   0   0   0   0   0   0   0   0   0
509   891      0.5018  -5.4516  0   0   0   0   0   0   0   0   0   0
510   932      0.4807  -5.4770  0   0   0   0   0   0   0   0   0   0
511   971      0.4593  -5.5025  0   0   0   0   0   0   0   0   0   0
512  1009      0.4377  -5.5280  0   0   0   0   0   0   0   0   0   0
513  1045      0.4159  -5.5536  0   0   0   0   0   0   0   0   0   0
514  1079      0.3939  -5.5792  0   0   0   0   0   0   0   0   0   0
515  1112      0.3717  -5.6049  0   0   0   0   0   0   0   0   0   0
516  1143      0.3494  -5.6306  0   0   0   0   0   0   0   0   0   0
517  1172      0.3269  -5.6564  0   0   0   0   0   0   0   0   0   0
518  1200      0.3043  -5.6822  0   0   0   0   0   0   0   0   0   0
519  1226      0.2816  -5.7081  0   0   0   0   0   0   0   0   0   0
520  1250      0.2588  -5.7340  0   0   0   0   0   0   0   0   0   0
521  1272      0.2360  -5.7600  0   0   0   0   0   0   0   0   0   0
522  1293      0.2132  -5.7860  0   0   0   0   0   0   0   0   0   0
523  1312      0.1904  -5.8121  0   0   0   0   0   0   0   0   0   0
524  1329      0.1676  -5.8382  0   0   0   0   0   0   0   0   0   0
525  1344      0.1449  -5.8644  0   0   0   0   0   0   0   0   0   0
526  1358      0.1223  -5.8906  0   0   0   0   0   0   0   0   0   0
527  1370      0.0998  -5.9169  0   0   0   0   0   0   0   0   0   0
528  1380      0.0775  -5.9432  0   0   0   0   0   0   0   0   0   0
529  1388      0.0553  -5.9696  0   0   0   0   0   0   0   0   0   0
530  1395      0.0334  -5.9960  0   0   0   0   0   0   0   0   0   0
531  1400      0.0117  -6.0225  0   0   0   0   0   0   0   0   0   0
532  1403     -0.0098  -6.0490  0   0   0   0   0   0   0   0   0   0
533  1404     -0.0310  -6.0756  0   0   0   0   0   0   0   0   0   0
534  1404     -0.0519  -6.1022  0   0   0   0   0   0   0   0   0   0
535  1402     -0.0725  -6.1289  0   0   0   0   0   0   0   0   0   0
536  1398     -0.0928  -6.1556  0   0   0   0   0   0   0   0   0   0
537  1393     -0.1127  -6.1824  0   0   0   0   0   0   0   0   0   0
538  1386     -0.1322  -6.2092  0   0   0   0   0   0   0   0   0   0
539  1377     -0.1513  -6.2361  0   0   0   0   0   0   0   0   0   0
540  1367     -0.1700  -6.2630  0   0   0   0   0   0   0   0   0   0
541  1355     -0.1882  -6.2900  0   0   0   0   0   0   0   0   0   0
542  1342     -0.2060  -6.3170  0   0   0   0   0   0   0   0   0   0
543  1327     -0.2233  -6.3441  0   0   0   0   0   0   0   0   0   0
544  1310     -0.2401  -6.3712  0   0   0   0   0   0   0   0   0   0
545  1292     -0.2564  -6.3984  0   0   0   0   0   0   0   0   0   0
546  1273     -0.2722  -6.4256  0   0   0   0   0   0   0   0   0   0
547  1252     -0.2874  -6.4529  0   0   0   0   0   0   0   0   0   0
548  1230     -0.3021  -6.4802  0   0   0   0   0   0   0   0   0   0
549  1206     -0.3162  -6.5076  0   0   0   0   0   0   0   0   0   0
550  1181     -0.3297  -6.5350  0   0   0   0   0   0   0   0   0   0
551  1155     -0.3426  -6.5625  0   0   0   0   0   0   0   0   0   0
552  1128     -0.3549  -6.5900  0   0   0   0   0   0   0   0   0   0
553  1099     -0.3666  -6.6176  0   0   0   0   0   0   0   0   0   0
554  1069     -0.3776  -6.6452  0   0   0   0   0   0   0   0   0   0
555  1038     -0.3880  -6.6729  0   0   0   0   0   0   0   0   0   0
556  1006     -0.3977  -6.7006  0   0   0   0   0   0   0   0   0   0
557   973     -0.4068  -6.7284  0   0   0   0   0   0   0   0   0   0
558   939     -0.4152  -6.7562  0   0   0   0   0   0   0   0   0   0
559   904     -0.4229  -6.7841  0   0   0   0   0   0   0   0   0   0
560   868     -0.4299  -6.8120  0   0   0   0   0   0   0   0   0   0
561   831     -0.4362  -6.8400  0   0   0   0   0   0   0   0   0   0
562   794     -0.4418  -6.8680  0   0   0   0   0   0   0   0   0   0
563   756     -0.4467  -6.8961  0   0   0   0   0   0   0   0   0   0
564   717     -0.4509  -6.9242  0   0   0   0   0   0   0   0   0   0
565   678     -0.4543  -6.9524  0   0   0   0   0   0   0   0   0   0
566   638     -0.4570  -6.9806  0   0   0   0   0   0   0   0   0   0
567   598     -0.4590  -7.0089  0   0   0   0   0   0   0   0   0   0
568   557     -0.4602  -7.0372  0   0   0   0   0   0   0   0   0   0
569   516     -0.4607  -7.0656  0   0   0   0   0   0   0   0   0   0
570   475     -0.4605  -7.0940  0   0   0   0   0   0   0   0   0   0
571   434     -0.4595  -7.1225  0   0   0   0   0   0   0   0   0   0
572   393     -0.4578  -7.1510  0   0   0   0   0   0   0   0   0   0
573   352     -0.4553  -7.1796  0   0   0   0   0   0   0   0   0   0
574   311     -0.4521  -7.2082  0   0   0   0   0   0   0   0   0   0
575   270     -0.4481  -7.2369  0   0   0   0   0   0   0   0   0   0
576   229     -0.4434  -7.2656  0   0   0   0   0   0   0   0   0   0
577   189     -0.4380  -7.2944  0   0   0   0   0   0   0   0   0   0
578   149     -0.4318  -7.3232  0   0   0   0   0   0   0   0   0   0
579   110     -0.4249  -7.3521  0   0   0   0   0   0   0   0   0   0
580    71     -0.4173  -7.3810  0   0   0   0   0   0   0   0   0   0
581    33     -0.4089  -7.4100  0   0   0   0   0   0   0   0   0   0
582    -4     -0.3998  -7.4390  0   0   0   0   0   0   0   0   0   0
583   -40     -0.3900  -7.4681  0   0   0   0   0   0   0   0   0   0
584   -75     -0.3795  -7.4972  0   0   0   0   0   0   0   0   0   0
585  -109     -0.3683  -7.5264  0   0   0   0   0   0   0   0   0   0
586  -142     -0.3564  -7.5556  0   0   0   0   0   0   0   0   0   0
587  -174     -0.3438  -7.5849  0   0   0   0   0   0   0   0   0   0
588  -205     -0.3305  -7.6142  0   0   0   0   0   0   0   0   0   0
589  -234     -0.3166  -7.6436  0   0   0   0   0   0   0   0   0   0
590  -262     -0.3020  -7.6730  0   0   0   0   0   0   0   0   0   0
591  -289     -0.2868  -7.7025  0   0   0   0   0   0   0   0   0   0
592  -314     -0.2710  -7.7320  0   0   0   0   0   0   0   0   0   0
593  -338     -0.2546  -7.7616  0   0   0   0   0   0   0   0   0   0
594  -360     -0.2376  -7.7912  0   0   0   0   0   0   0   0   0   0
595  -381     -0.2201  -7.8209  0   0   0   0   0   0   0   0   0   0
596  -400     -0.2020  -7.8506  0   0   0   0   0   0   0   0   0   0
597  -418     -0.1834  -7.8804  0   0   0   0   0   0   0   0   0   0
598  -434     -0.1643  -7.9102  0   0   0   0   0   0   0   0   0   0
599  -448     -0.1448  -7.9401  0   0   0   0   0   0   0   0   0   0
600  -461     -0.1248  -7.9700  0   0   0   0   0   0   0   0   0   0
601  -472     -0.1044  -8.0000  0   0   0   0   0   0   0   0   0   0
602  -481     -0.0836  -8.0300  0   0   0   0   0   0   0   0   0   0
603  -488     -0.0625  -8.0601  0   0   0   0   0   0   0   0   0   0
604  -494     -0.0411  -8.0902  0   0   0   0   0   0   0   0   0   0
605  -498     -0.0194  -8.1204  0   0   0   0   0   0   0   0   0   0
606  -500      0.0025  -8.1506  0   0   0   0   0   0   0   0   0   0
607  -501      0.0246  -8.1809  0   0   0   0   0   0   0   0   0   0
608  -500      0.0469  -8.2112  0   0   0   0   0   0   0   0   0   0
609  -497      0.0693  -8.2416  0   0   0   0   0   0   0   0   0   0
610  -492      0.0918  -8.2720  0   0   0   0   0   0   0   0   0   0
611  -486      0.1144  -8.3025  0   0   0   0   0   0   0   0   0   0
612  -478      0.1370  -8.3330  0   0   0   0   0   0   0   0   0   0
613  -468      0.1596  -8.3636  0   0   0   0   0   0   0   0   0   0
614  -457      0.1821  -8.3942  0   0   0   0   0   0   0   0   0   0
615  -444      0.2045  -8.4249  0   0   0   0   0   0   0   0   0   0
616  -429      0.2268  -8.4556  0   0   0   0   0   0   0   0   0   0
617  -413      0.2489  -8.4864  0   0   0   0   0   0   0   0   0   0
618  -395      0.2708  -8.5172  0   0   0   0   0   0   0   0   0   0
619  -376      0.2925  -8.5481  0   0   0   0   0   0   0   0   0   0
620  -355      0.3139  -8.5790  0   0   0   0   0   0   0   0   0   0
621  -333      0.3350  -8.6100  0   0   0   0   0   0   0   0   0   0
622  -310      0.3557  -8.6410  0   0   0   0   0   0   0   0   0   0
623  -285      0.3760  -8.6721  0   0   0   0   0   0   0   0   0   0
624  -259      0.3959  -8.7032  0   0   0   0   0   0   0   0   0   0
625  -232      0.4153  -8.7344  0   0   0   0   0   0   0   0   0   0
626  -204      0.4342  -8.7656  0   0   0   0   0   0   0   0   0   0
627  -175      0.4525  -8.7969  0   0   0   0   0   0   0   0   0   0
628  -145      0.4702  -8.8282  0   0   0   0   0   0   0   0   0   0
629  -114      0.4873  -8.8596  0   0   0   0   0   0   0   0   0   0
630   -83      0.5037  -8.8910  0   0   0   0   0   0   0   0   0   0
631   -51      0.5194  -8.9225  0   0   0   0   0   0   0   0   0   0
632   -19      0.5343  -8.9540  0   0   0   0   0   0   0   0   0   0
633    14      0.5485  -8.9856  0   0   0   0   0   0   0   0   0   0
634    47      0.5618  -9.0172  0   0   0   0   0   0   0   0   0   0
635    80      0.5743  -9.0489  0   0   0   0   0   0   0   0   0   0
636   113      0.5859  -9.0806  0   0   0   0   0   0   0   0   0   0
637   146      0.5966  -9.1124  0   0   0   0   0   0   0   0   0   0
638   178      0.6063  -9.1442  0   0   0   0   0   0   0   0   0   0
639   210      0.6151  -9.1761  0   0   0   0   0   0   0   0   0   0
640   241      0.6229  -9.2080  0   0   0   0   0   0   0   0   0   0
641   271      0.6297  -9.2400  0   0   0   0   0   0   0   0   0   0
642   300      0.6355  -9.2720  0   0   0   0   0   0   0   0   0   0
643   328      0.6402  -9.3041  0   0   0   0   0   0   0   0   0   0
644   355      0.6439  -9.3362  0   0   0   0   0   0   0   0   0   0
645   381      0.6465  -9.3684  0   0   0   0   0   0   0   0   0   0
646   405      0.6480  -9.4006  0   0   0   0   0   0   0   0   0   0
647   428      0.6484  -9.4329  0   0   0   0   0   0   0   0   0   0
648   449      0.6477  -9.4652  0   0   0   0   0   0   0   0   0   0
649   469      0.6459  -9.4976  0   0   0   0   0   0   0   0   0   0
650   487      0.6430  -9.5300  0   0   0   0   0   0   0   0   0   0
651   503      0.6390  -9.5625  0   0   0   0   0   0   0   0   0   0
652   517      0.6339  -9.5950  0   0   0   0   0   0   0   0   0   0
653   529      0.6277  -9.6276  0   0   0   0   0   0   0   0   0   0
654   539      0.6204  -9.6602  0   0   0   0   0   0   0   0   0   0
655   547      0.6120  -9.6929  0   0   0   0   0   0   0   0   0   0
656   553      0.6025  -9.7256  0   0   0   0   0   0   0   0   0   0
657   557      0.5920  -9.7584  0   0   0   0   0   0   0   0   0   0
658   559      0.5804  -9.7912  0   0   0   0   0   0   0   0   0   0
659   559      0.5678  -9.8241  0   0   0   0   0   0   0   0   0   0
660   557      0.5542  -9.8570  0   0   0   0   0   0   0   0   0   0
661   553      0.5396  -9.8900  0   0   0   0   0   0   0   0   0   0
662   547      0.5240  -9.9230  0   0   0   0   0   0   0   0   0   0
663   539      0.5075  -9.9561  0   0   0   0   0   0   0   0   0   0
664   529      0.4901  -9.9892  0   0   0   0   0   0   0   0   0   0
665   517      0.4718 -10.0224  0   0   0   0   0   0   0   0   0   0
666   503      0.4527 -10.0556  0   0   0   0   0   0   0   0   0   0
667   487      0.4328 -10.0889  0   0   0   0   0   0   0   0   0   0
668   469      0.4121 -10.1222  0   0   0   0   0   0   0   0   0   0
669   449      0.3907 -10.1556  0   0   0   0   0   0   0   0   0   0
670   428      0.3686 -10.1890  0   0   0   0   0   0   0   0   0   0
671   405      0.3459 -10.2225  0   0   0   0   0   0   0   0   0   0
672   380      0.3226 -10.2560  0   0   0   0   0   0   0   0   0   0
